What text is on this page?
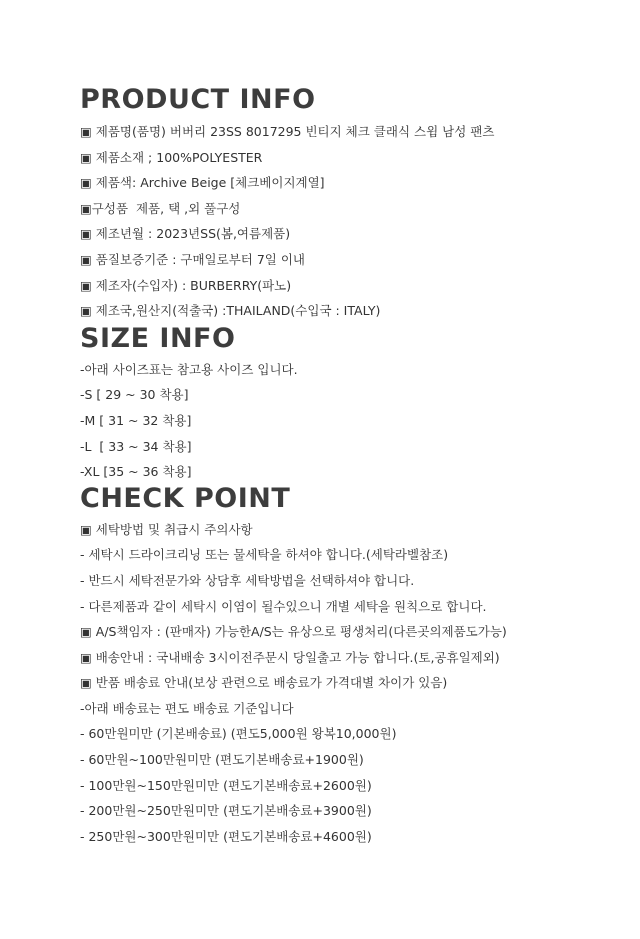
PRODUCT INFO
▣ 제품명(품명) 버버리 23SS 8017295 빈티지 체크 클래식 스윔 남성 팬츠
▣ 제품소재 ; 100%POLYESTER
▣ 제품색: Archive Beige [체크베이지계열]
▣구성품  제품, 택 ,외 풀구성
▣ 제조년월 : 2023년SS(봄,여름제품)
▣ 품질보증기준 : 구매일로부터 7일 이내
▣ 제조자(수입자) : BURBERRY(파노)
▣ 제조국,원산지(적출국) :THAILAND(수입국 : ITALY)
SIZE INFO
-아래 사이즈표는 참고용 사이즈 입니다.
-S [ 29 ~ 30 착용]
-M [ 31 ~ 32 착용]
-L  [ 33 ~ 34 착용]
-XL [35 ~ 36 착용]
CHECK POINT
▣ 세탁방법 및 취급시 주의사항
- 세탁시 드라이크리닝 또는 물세탁을 하셔야 합니다.(세탁라벨참조)
- 반드시 세탁전문가와 상담후 세탁방법을 선택하셔야 합니다.
- 다른제품과 같이 세탁시 이염이 될수있으니 개별 세탁을 원칙으로 합니다.
▣ A/S책임자 : (판매자) 가능한A/S는 유상으로 평생처리(다른곳의제품도가능)
▣ 배송안내 : 국내배송 3시이전주문시 당일출고 가능 합니다.(토,공휴일제외)
▣ 반품 배송료 안내(보상 관련으로 배송료가 가격대별 차이가 있음)
-아래 배송료는 편도 배송료 기준입니다
- 60만원미만 (기본배송료) (편도5,000원 왕복10,000원)
- 60만원~100만원미만 (편도기본배송료+1900원)
- 100만원~150만원미만 (편도기본배송료+2600원)
- 200만원~250만원미만 (편도기본배송료+3900원)
- 250만원~300만원미만 (편도기본배송료+4600원)
